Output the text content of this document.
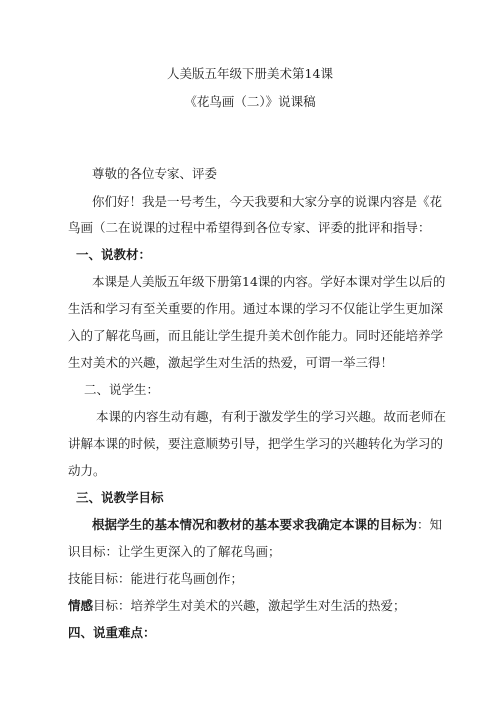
人美版五年级下册美术第14课
《花鸟画（二）》说课稿
尊敬的各位专家、评委
你们好！我是一号考生，今天我要和大家分享的说课内容是《花
鸟画（二在说课的过程中希望得到各位专家、评委的批评和指导：
一、说教材：
本课是人美版五年级下册第14课的内容。学好本课对学生以后的
生活和学习有至关重要的作用。通过本课的学习不仅能让学生更加深
入的了解花鸟画，而且能让学生提升美术创作能力。同时还能培养学
生对美术的兴趣，激起学生对生活的热爱，可谓一举三得！
二、说学生：
本课的内容生动有趣，有利于激发学生的学习兴趣。故而老师在
讲解本课的时候，要注意顺势引导，把学生学习的兴趣转化为学习的
动力。
三、说教学目标
根据学生的基本情况和教材的基本要求我确定本课的目标为：知
识目标：让学生更深入的了解花鸟画；
技能目标：能进行花鸟画创作；
情感目标：培养学生对美术的兴趣，激起学生对生活的热爱；
四、说重难点：
